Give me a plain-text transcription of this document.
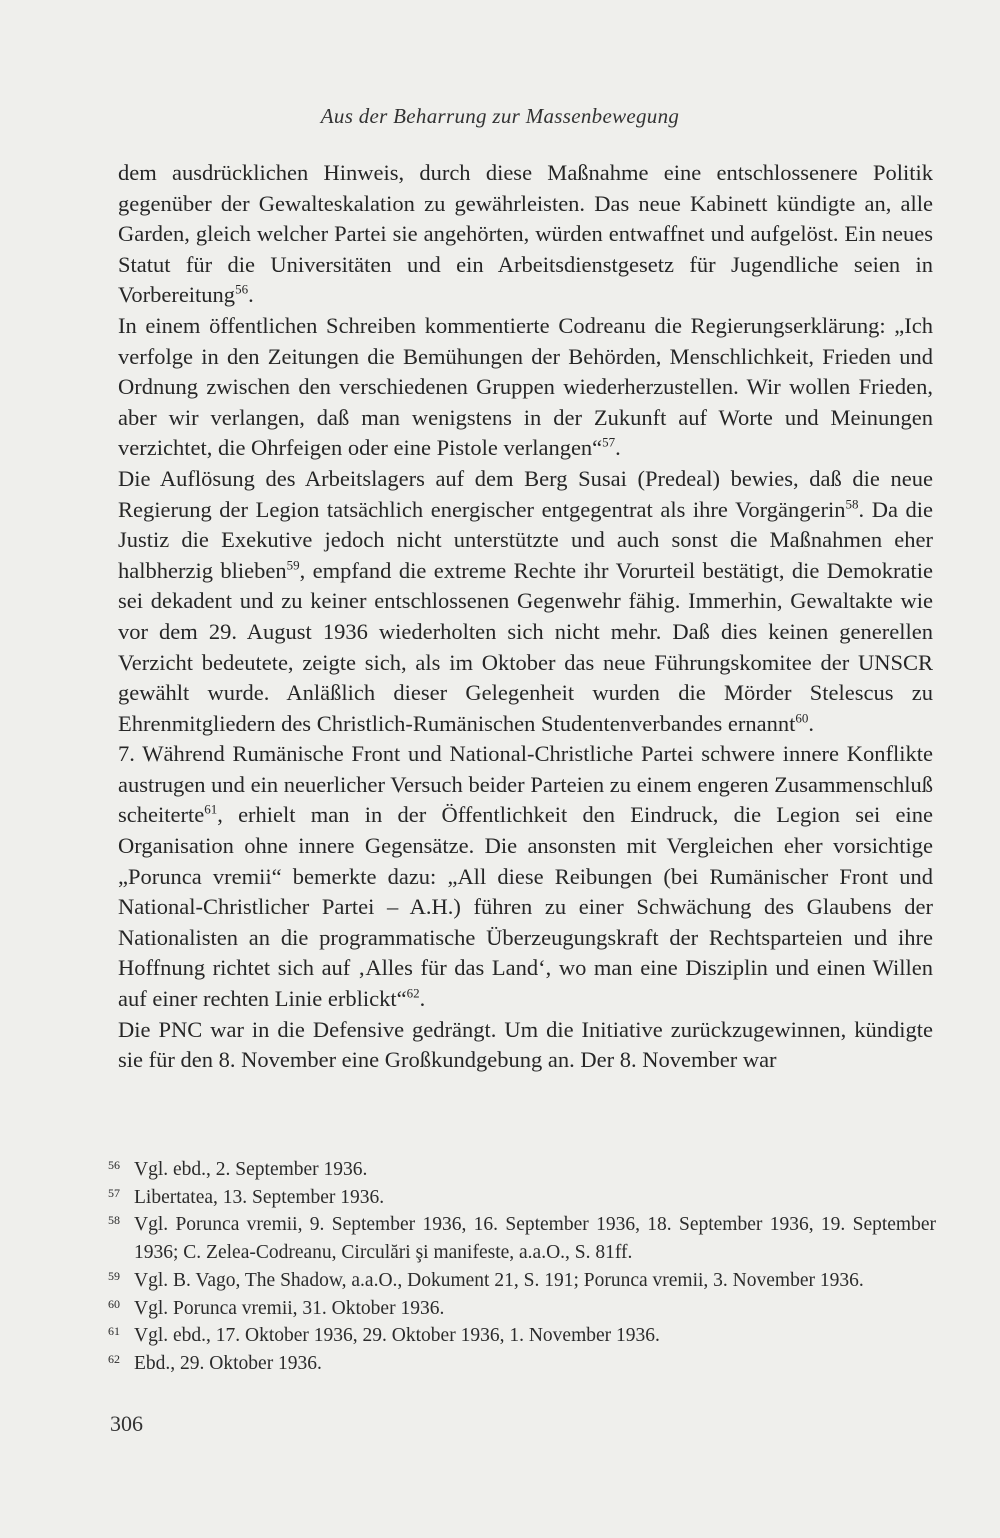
Aus der Beharrung zur Massenbewegung

dem ausdrücklichen Hinweis, durch diese Maßnahme eine entschlossenere Politik gegenüber der Gewalteskalation zu gewährleisten. Das neue Kabinett kündigte an, alle Garden, gleich welcher Partei sie angehörten, würden entwaffnet und aufgelöst. Ein neues Statut für die Universitäten und ein Arbeitsdienstgesetz für Jugendliche seien in Vorbereitung$^{56}$.

In einem öffentlichen Schreiben kommentierte Codreanu die Regierungserklärung: „Ich verfolge in den Zeitungen die Bemühungen der Behörden, Menschlichkeit, Frieden und Ordnung zwischen den verschiedenen Gruppen wiederherzustellen. Wir wollen Frieden, aber wir verlangen, daß man wenigstens in der Zukunft auf Worte und Meinungen verzichtet, die Ohrfeigen oder eine Pistole verlangen“$^{57}$.

Die Auflösung des Arbeitslagers auf dem Berg Susai (Predeal) bewies, daß die neue Regierung der Legion tatsächlich energischer entgegentrat als ihre Vorgängerin$^{58}$. Da die Justiz die Exekutive jedoch nicht unterstützte und auch sonst die Maßnahmen eher halbherzig blieben$^{59}$, empfand die extreme Rechte ihr Vorurteil bestätigt, die Demokratie sei dekadent und zu keiner entschlossenen Gegenwehr fähig. Immerhin, Gewaltakte wie vor dem 29. August 1936 wiederholten sich nicht mehr. Daß dies keinen generellen Verzicht bedeutete, zeigte sich, als im Oktober das neue Führungskomitee der UNSCR gewählt wurde. Anläßlich dieser Gelegenheit wurden die Mörder Stelescus zu Ehrenmitgliedern des Christlich-Rumänischen Studentenverbandes ernannt$^{60}$.

7. Während Rumänische Front und National-Christliche Partei schwere innere Konflikte austrugen und ein neuerlicher Versuch beider Parteien zu einem engeren Zusammenschluß scheiterte$^{61}$, erhielt man in der Öffentlichkeit den Eindruck, die Legion sei eine Organisation ohne innere Gegensätze. Die ansonsten mit Vergleichen eher vorsichtige „Porunca vremii“ bemerkte dazu: „All diese Reibungen (bei Rumänischer Front und National-Christlicher Partei – A.H.) führen zu einer Schwächung des Glaubens der Nationalisten an die programmatische Überzeugungskraft der Rechtsparteien und ihre Hoffnung richtet sich auf ‚Alles für das Land‘, wo man eine Disziplin und einen Willen auf einer rechten Linie erblickt“$^{62}$.

Die PNC war in die Defensive gedrängt. Um die Initiative zurückzugewinnen, kündigte sie für den 8. November eine Großkundgebung an. Der 8. November war

56 Vgl. ebd., 2. September 1936.
57 Libertatea, 13. September 1936.
58 Vgl. Poruncа vremii, 9. September 1936, 16. September 1936, 18. September 1936, 19. September 1936; C. Zelea-Codreanu, Circulări şi manifeste, a.a.O., S. 81ff.
59 Vgl. B. Vago, The Shadow, a.a.O., Dokument 21, S. 191; Porunca vremii, 3. November 1936.
60 Vgl. Porunca vremii, 31. Oktober 1936.
61 Vgl. ebd., 17. Oktober 1936, 29. Oktober 1936, 1. November 1936.
62 Ebd., 29. Oktober 1936.
306
